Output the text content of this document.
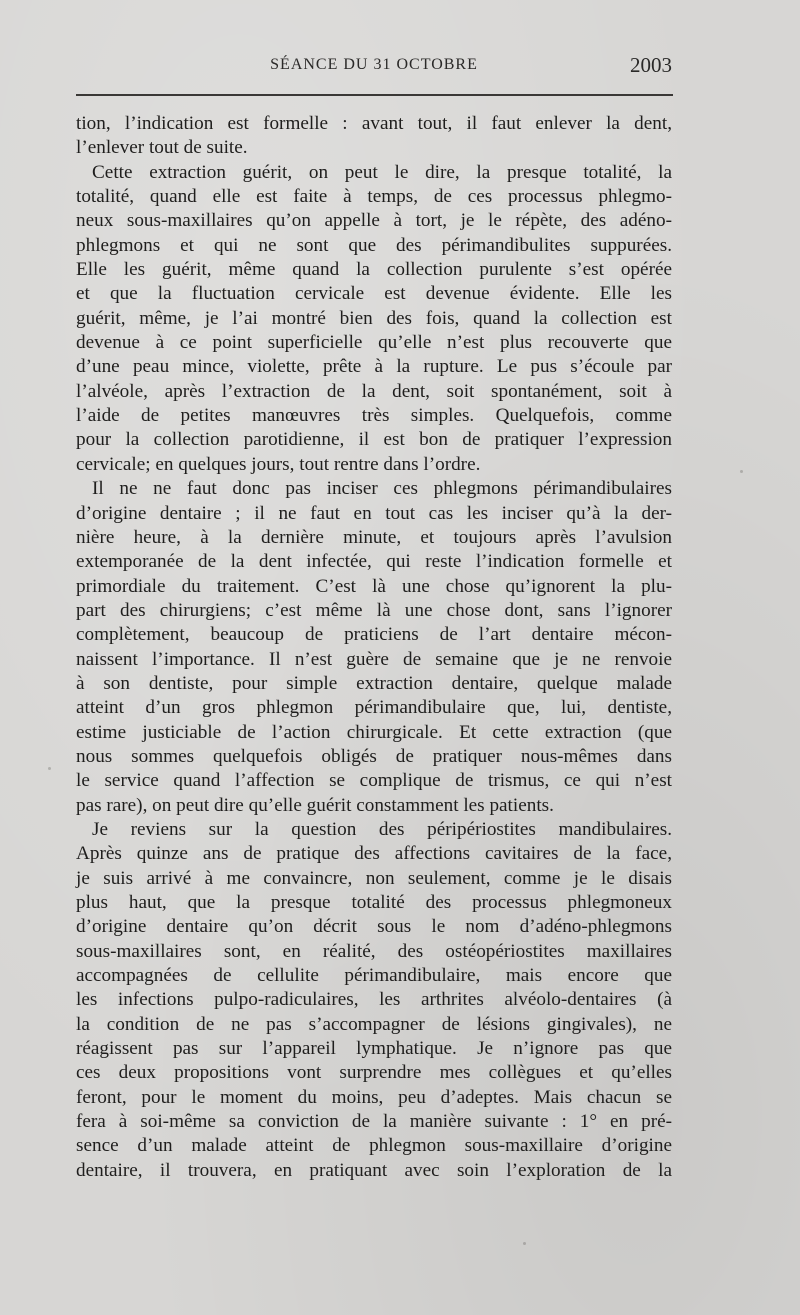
SÉANCE DU 31 OCTOBRE	2003
tion, l’indication est formelle : avant tout, il faut enlever la dent,
l’enlever tout de suite.
Cette extraction guérit, on peut le dire, la presque totalité, la
totalité, quand elle est faite à temps, de ces processus phlegmo-
neux sous-maxillaires qu’on appelle à tort, je le répète, des adéno-
phlegmons et qui ne sont que des périmandibulites suppurées.
Elle les guérit, même quand la collection purulente s’est opérée
et que la fluctuation cervicale est devenue évidente. Elle les
guérit, même, je l’ai montré bien des fois, quand la collection est
devenue à ce point superficielle qu’elle n’est plus recouverte que
d’une peau mince, violette, prête à la rupture. Le pus s’écoule par
l’alvéole, après l’extraction de la dent, soit spontanément, soit à
l’aide de petites manœuvres très simples. Quelquefois, comme
pour la collection parotidienne, il est bon de pratiquer l’expression
cervicale; en quelques jours, tout rentre dans l’ordre.
Il ne ne faut donc pas inciser ces phlegmons périmandibulaires
d’origine dentaire ; il ne faut en tout cas les inciser qu’à la der-
nière heure, à la dernière minute, et toujours après l’avulsion
extemporanée de la dent infectée, qui reste l’indication formelle et
primordiale du traitement. C’est là une chose qu’ignorent la plu-
part des chirurgiens; c’est même là une chose dont, sans l’ignorer
complètement, beaucoup de praticiens de l’art dentaire mécon-
naissent l’importance. Il n’est guère de semaine que je ne renvoie
à son dentiste, pour simple extraction dentaire, quelque malade
atteint d’un gros phlegmon périmandibulaire que, lui, dentiste,
estime justiciable de l’action chirurgicale. Et cette extraction (que
nous sommes quelquefois obligés de pratiquer nous-mêmes dans
le service quand l’affection se complique de trismus, ce qui n’est
pas rare), on peut dire qu’elle guérit constamment les patients.
Je reviens sur la question des péripériostites mandibulaires.
Après quinze ans de pratique des affections cavitaires de la face,
je suis arrivé à me convaincre, non seulement, comme je le disais
plus haut, que la presque totalité des processus phlegmoneux
d’origine dentaire qu’on décrit sous le nom d’adéno-phlegmons
sous-maxillaires sont, en réalité, des ostéopériostites maxillaires
accompagnées de cellulite périmandibulaire, mais encore que
les infections pulpo-radiculaires, les arthrites alvéolo-dentaires (à
la condition de ne pas s’accompagner de lésions gingivales), ne
réagissent pas sur l’appareil lymphatique. Je n’ignore pas que
ces deux propositions vont surprendre mes collègues et qu’elles
feront, pour le moment du moins, peu d’adeptes. Mais chacun se
fera à soi-même sa conviction de la manière suivante : 1° en pré-
sence d’un malade atteint de phlegmon sous-maxillaire d’origine
dentaire, il trouvera, en pratiquant avec soin l’exploration de la
